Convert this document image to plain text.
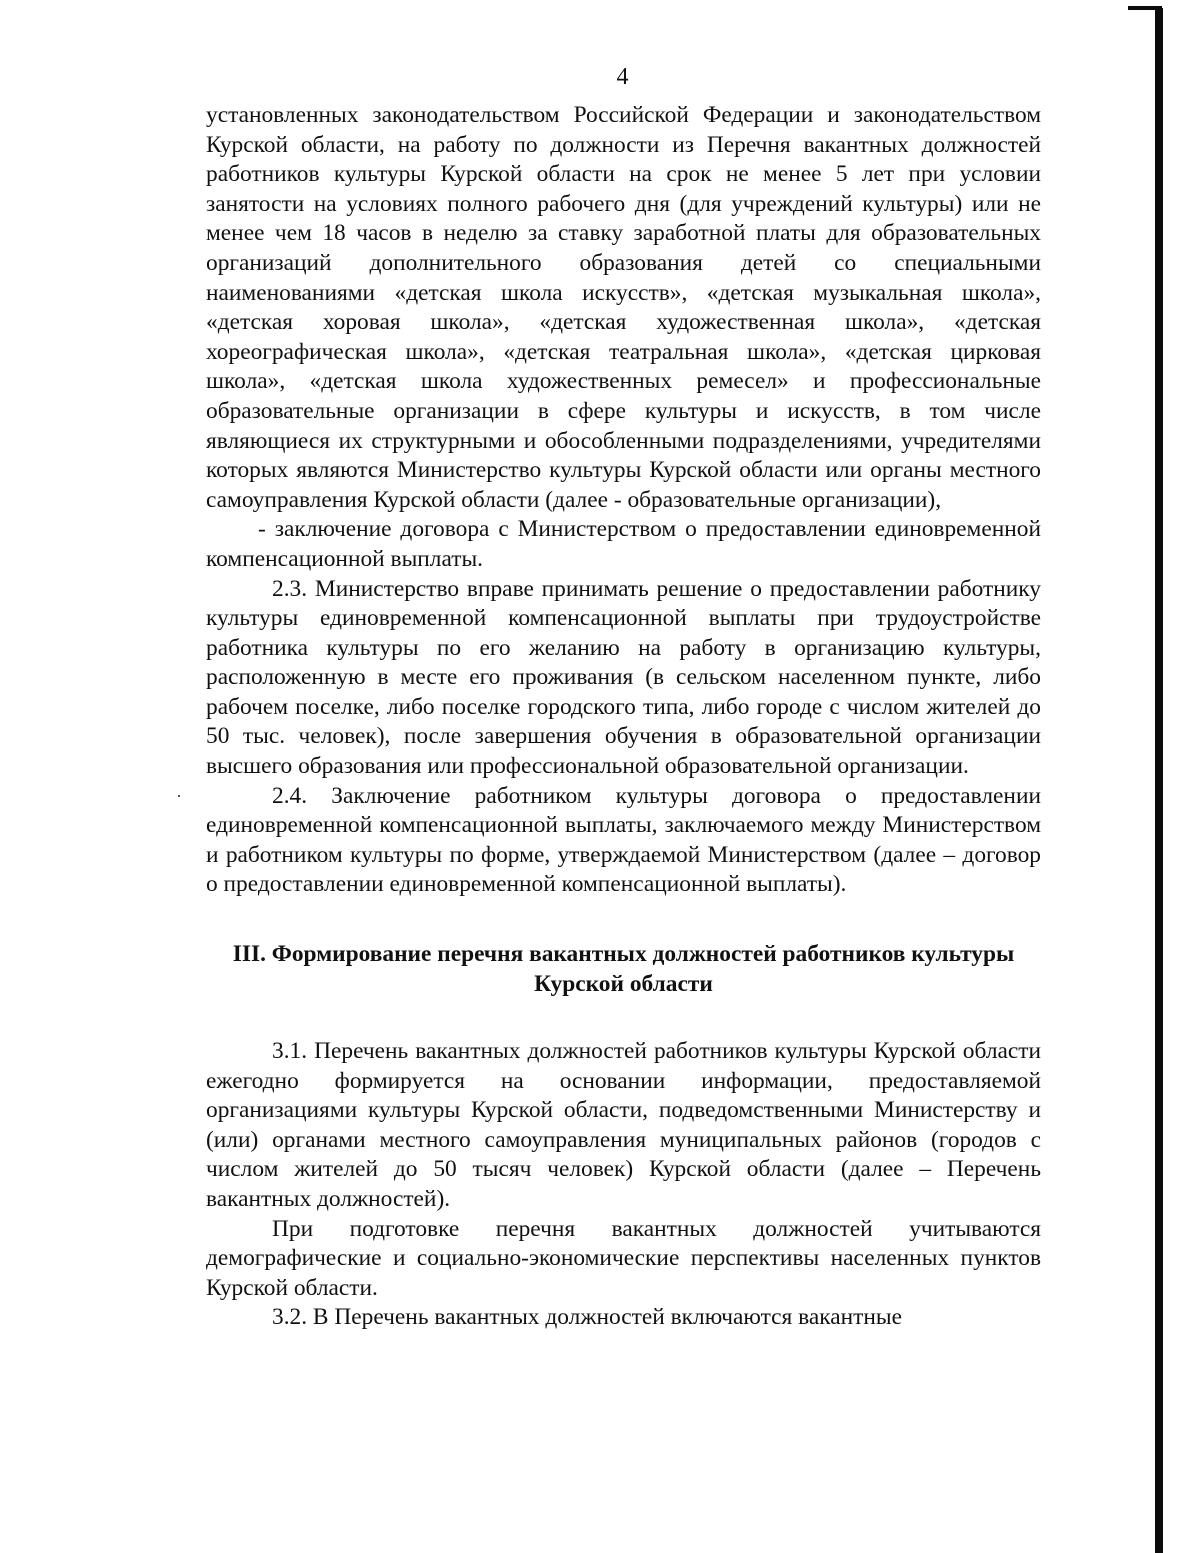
4

установленных законодательством Российской Федерации и законодательством Курской области, на работу по должности из Перечня вакантных должностей работников культуры Курской области на срок не менее 5 лет при условии занятости на условиях полного рабочего дня (для учреждений культуры) или не менее чем 18 часов в неделю за ставку заработной платы для образовательных организаций дополнительного образования детей со специальными наименованиями «детская школа искусств», «детская музыкальная школа», «детская хоровая школа», «детская художественная школа», «детская хореографическая школа», «детская театральная школа», «детская цирковая школа», «детская школа художественных ремесел» и профессиональные образовательные организации в сфере культуры и искусств, в том числе являющиеся их структурными и обособленными подразделениями, учредителями которых являются Министерство культуры Курской области или органы местного самоуправления Курской области (далее - образовательные организации),

- заключение договора с Министерством о предоставлении единовременной компенсационной выплаты.

2.3. Министерство вправе принимать решение о предоставлении работнику культуры единовременной компенсационной выплаты при трудоустройстве работника культуры по его желанию на работу в организацию культуры, расположенную в месте его проживания (в сельском населенном пункте, либо рабочем поселке, либо поселке городского типа, либо городе с числом жителей до 50 тыс. человек), после завершения обучения в образовательной организации высшего образования или профессиональной образовательной организации.

2.4. Заключение работником культуры договора о предоставлении единовременной компенсационной выплаты, заключаемого между Министерством и работником культуры по форме, утверждаемой Министерством (далее – договор о предоставлении единовременной компенсационной выплаты).

III. Формирование перечня вакантных должностей работников культуры Курской области

3.1. Перечень вакантных должностей работников культуры Курской области ежегодно формируется на основании информации, предоставляемой организациями культуры Курской области, подведомственными Министерству и (или) органами местного самоуправления муниципальных районов (городов с числом жителей до 50 тысяч человек) Курской области (далее – Перечень вакантных должностей).

При подготовке перечня вакантных должностей учитываются демографические и социально-экономические перспективы населенных пунктов Курской области.

3.2. В Перечень вакантных должностей включаются вакантные
